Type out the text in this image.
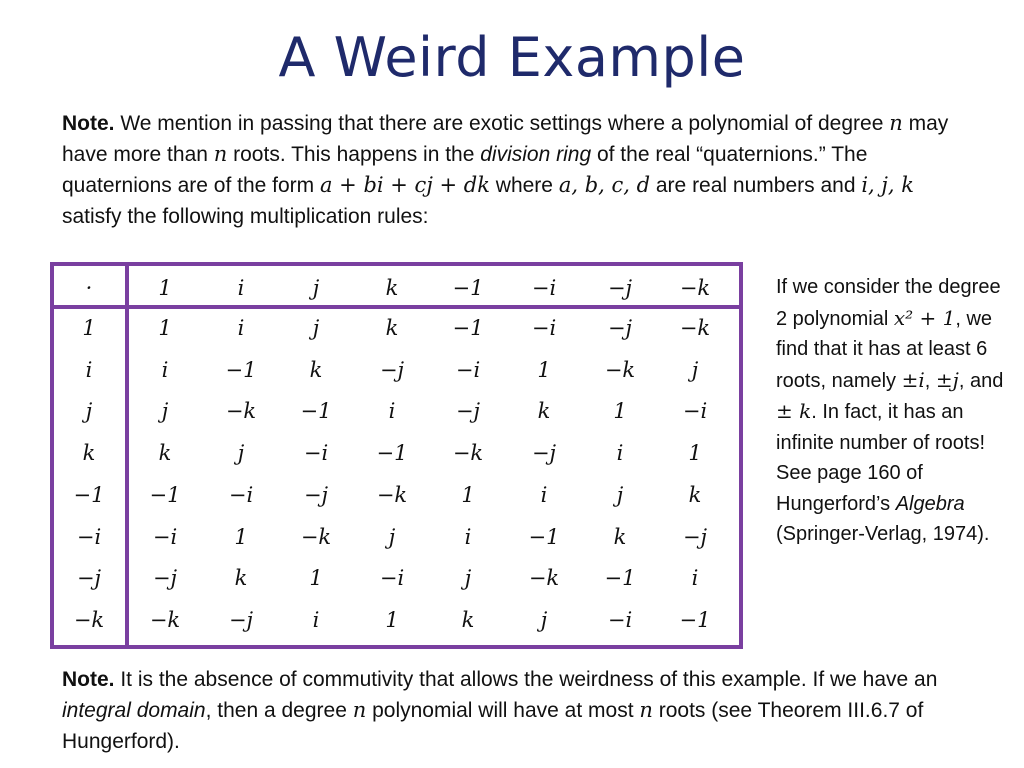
A Weird Example
Note. We mention in passing that there are exotic settings where a polynomial of degree n may have more than n roots. This happens in the division ring of the real “quaternions.” The quaternions are of the form a + bi + cj + dk where a, b, c, d are real numbers and i, j, k satisfy the following multiplication rules:
·	1	i	j	k	−1	−i	−j	−k
1	1	i	j	k	−1	−i	−j	−k
i	i	−1	k	−j	−i	1	−k	j
j	j	−k	−1	i	−j	k	1	−i
k	k	j	−i	−1	−k	−j	i	1
−1	−1	−i	−j	−k	1	i	j	k
−i	−i	1	−k	j	i	−1	k	−j
−j	−j	k	1	−i	j	−k	−1	i
−k	−k	−j	i	1	k	j	−i	−1
If we consider the degree 2 polynomial x² + 1, we find that it has at least 6 roots, namely ±i, ±j, and ± k. In fact, it has an infinite number of roots! See page 160 of Hungerford’s Algebra (Springer-Verlag, 1974).
Note. It is the absence of commutivity that allows the weirdness of this example. If we have an integral domain, then a degree n polynomial will have at most n roots (see Theorem III.6.7 of Hungerford).
